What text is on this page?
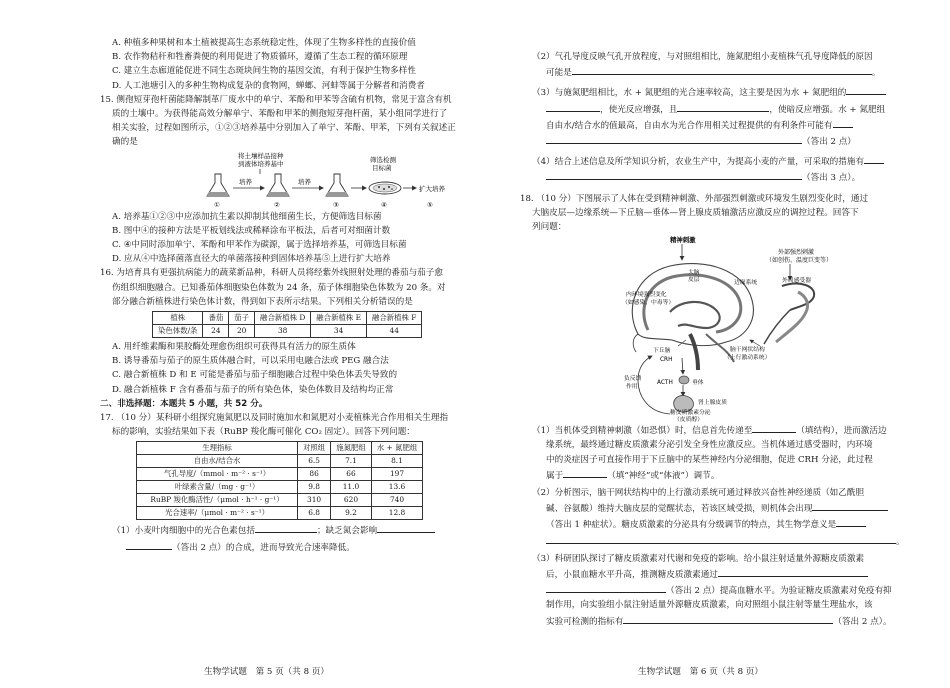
A. 种植多种果树和本土植被提高生态系统稳定性，体现了生物多样性的直接价值
B. 农作物秸秆和牲畜粪便的利用促进了物质循环，遵循了生态工程的循环原理
C. 建立生态廊道能促进不同生态斑块间生物的基因交流，有利于保护生物多样性
D. 人工池塘引入的多种生物构成复杂的食物网，蝉螂、河蚌等属于分解者和消费者
15. 侧孢短芽孢杆菌能降解制革厂废水中的单宁、苯酚和甲苯等含硫有机物，常见于富含有机
质的土壤中。为获得能高效分解单宁、苯酚和甲苯的侧孢短芽孢杆菌，某小组同学进行了
相关实验，过程如图所示，①②③培养基中分别加入了单宁、苯酚、甲苯，下列有关叙述正
确的是
将土壤样品接种
到液体培养基中
培养	培养
筛选检测
目标菌
扩大培养
①	②	③	④	⑤
A. 培养基①②③中应添加抗生素以抑制其他细菌生长，方便筛选目标菌
B. 图中④的接种方法是平板划线法或稀释涂布平板法，后者可对细菌计数
C. ④中同时添加单宁、苯酚和甲苯作为碳源，属于选择培养基，可筛选目标菌
D. 应从④中选择菌落直径大的单菌落接种到固体培养基⑤上进行扩大培养
16. 为培育具有更强抗病能力的蔬菜新品种，科研人员将经紫外线照射处理的番茄与茄子愈
伤组织细胞融合。已知番茄体细胞染色体数为 24 条，茄子体细胞染色体数为 20 条。对
部分融合新植株进行染色体计数，得到如下表所示结果。下列相关分析错误的是
植株	番茄	茄子	融合新植株 D	融合新植株 E	融合新植株 F
染色体数/条	24	20	38	34	44
A. 用纤维素酶和果胶酶处理愈伤组织可获得具有活力的原生质体
B. 诱导番茄与茄子的原生质体融合时，可以采用电融合法或 PEG 融合法
C. 融合新植株 D 和 E 可能是番茄与茄子细胞融合过程中染色体丢失导致的
D. 融合新植株 F 含有番茄与茄子的所有染色体，染色体数目及结构均正常
二、非选择题：本题共 5 小题，共 52 分。
17. （10 分）某科研小组探究施氮肥以及同时施加水和氮肥对小麦植株光合作用相关生理指
标的影响，实验结果如下表（RuBP 羧化酶可催化 CO₂ 固定）。回答下列问题：
生理指标	对照组	施氮肥组	水 + 氮肥组
自由水/结合水	6.5	7.1	8.1
气孔导度/（mmol · m⁻² · s⁻¹）	86	66	197
叶绿素含量/（mg · g⁻¹）	9.8	11.0	13.6
RuBP 羧化酶活性/（μmol · h⁻¹ · g⁻¹）	310	620	740
光合速率/（μmol · m⁻² · s⁻¹）	6.8	9.2	12.8
（1）小麦叶肉细胞中的光合色素包括	；缺乏氮会影响
（答出 2 点）的合成，进而导致光合速率降低。
生物学试题　第 5 页（共 8 页）
（2）气孔导度反映气孔开放程度，与对照组相比，施氮肥组小麦植株气孔导度降低的原因
可能是	。
（3）与施氮肥组相比，水 + 氮肥组的光合速率较高，这主要是因为水 + 氮肥组的
，使光反应增强，且	，使暗反应增强。水 + 氮肥组
自由水/结合水的值最高，自由水为光合作用相关过程提供的有利条件可能有
（答出 2 点）
（4）结合上述信息及所学知识分析，农业生产中，为提高小麦的产量，可采取的措施有
（答出 3 点）。
18. （10 分）下图展示了人体在受到精神刺激、外部强烈刺激或环境发生剧烈变化时，通过
大脑皮层—边缘系统—下丘脑—垂体—肾上腺皮质轴激活应激反应的调控过程。回答下
列问题：
精神刺激
外部强烈刺激
（如创伤、温度巨变等）
大脑
皮层	边缘系统
内环境强烈变化
（如感染、中毒等）
外周感受器
脑干网状结构
（上行激动系统）
下丘脑
CRH
垂体
ACTH
肾上腺皮质
糖皮质激素分泌
（皮质醇）
负反馈
作用
（1）当机体受到精神刺激（如恐惧）时，信息首先传递至	（填结构），进而激活边
缘系统，最终通过糖皮质激素分泌引发全身性应激反应。当机体通过感受器时，内环境
中的炎症因子可直接作用于下丘脑中的某些神经内分泌细胞，促进 CRH 分泌，此过程
属于	（填“神经”或“体液”）调节。
（2）分析图示，脑干网状结构中的上行激动系统可通过释放兴奋性神经递质（如乙酰胆
碱、谷氨酸）维持大脑皮层的觉醒状态，若该区域受损，则机体会出现
（答出 1 种症状）。糖皮质激素的分泌具有分级调节的特点，其生物学意义是
。
（3）科研团队探讨了糖皮质激素对代谢和免疫的影响。给小鼠注射适量外源糖皮质激素
后，小鼠血糖水平升高，推测糖皮质激素通过
（答出 2 点）提高血糖水平。为验证糖皮质激素对免疫有抑
制作用，向实验组小鼠注射适量外源糖皮质激素，向对照组小鼠注射等量生理盐水，该
实验可检测的指标有	（答出 2 点）。
生物学试题　第 6 页（共 8 页）
